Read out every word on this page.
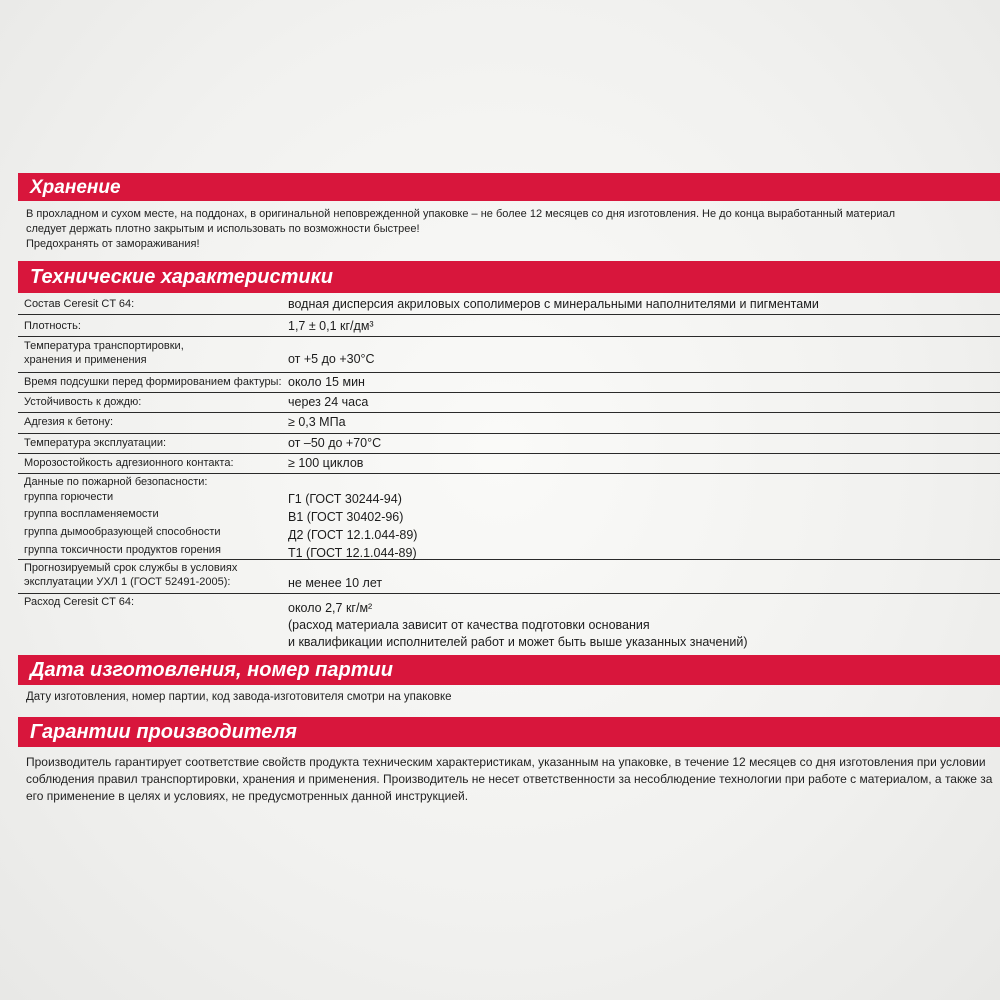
Хранение
В прохладном и сухом месте, на поддонах, в оригинальной неповрежденной упаковке – не более 12 месяцев со дня изготовления. Не до конца выработанный материал
следует держать плотно закрытым и использовать по возможности быстрее!
Предохранять от замораживания!
Технические характеристики
Состав Ceresit CT 64:	водная дисперсия акриловых сополимеров с минеральными наполнителями и пигментами
Плотность:	1,7 ± 0,1 кг/дм³
Температура транспортировки,
хранения и применения	от +5 до +30°С
Время подсушки перед формированием фактуры: около 15 мин
Устойчивость к дождю:	через 24 часа
Адгезия к бетону:	≥ 0,3 МПа
Температура эксплуатации:	от –50 до +70°С
Морозостойкость адгезионного контакта:	≥ 100 циклов
Данные по пожарной безопасности:
группа горючести	Г1 (ГОСТ 30244-94)
группа воспламеняемости	В1 (ГОСТ 30402-96)
группа дымообразующей способности	Д2 (ГОСТ 12.1.044-89)
группа токсичности продуктов горения	Т1 (ГОСТ 12.1.044-89)
Прогнозируемый срок службы в условиях
эксплуатации УХЛ 1 (ГОСТ 52491-2005):	не менее 10 лет
Расход Ceresit CT 64:	около 2,7 кг/м²
(расход материала зависит от качества подготовки основания
и квалификации исполнителей работ и может быть выше указанных значений)
Дата изготовления, номер партии
Дату изготовления, номер партии, код завода-изготовителя смотри на упаковке
Гарантии производителя
Производитель гарантирует соответствие свойств продукта техническим характеристикам, указанным на упаковке, в течение 12 месяцев со дня изготовления при условии
соблюдения правил транспортировки, хранения и применения. Производитель не несет ответственности за несоблюдение технологии при работе с материалом, а также за
его применение в целях и условиях, не предусмотренных данной инструкцией.
